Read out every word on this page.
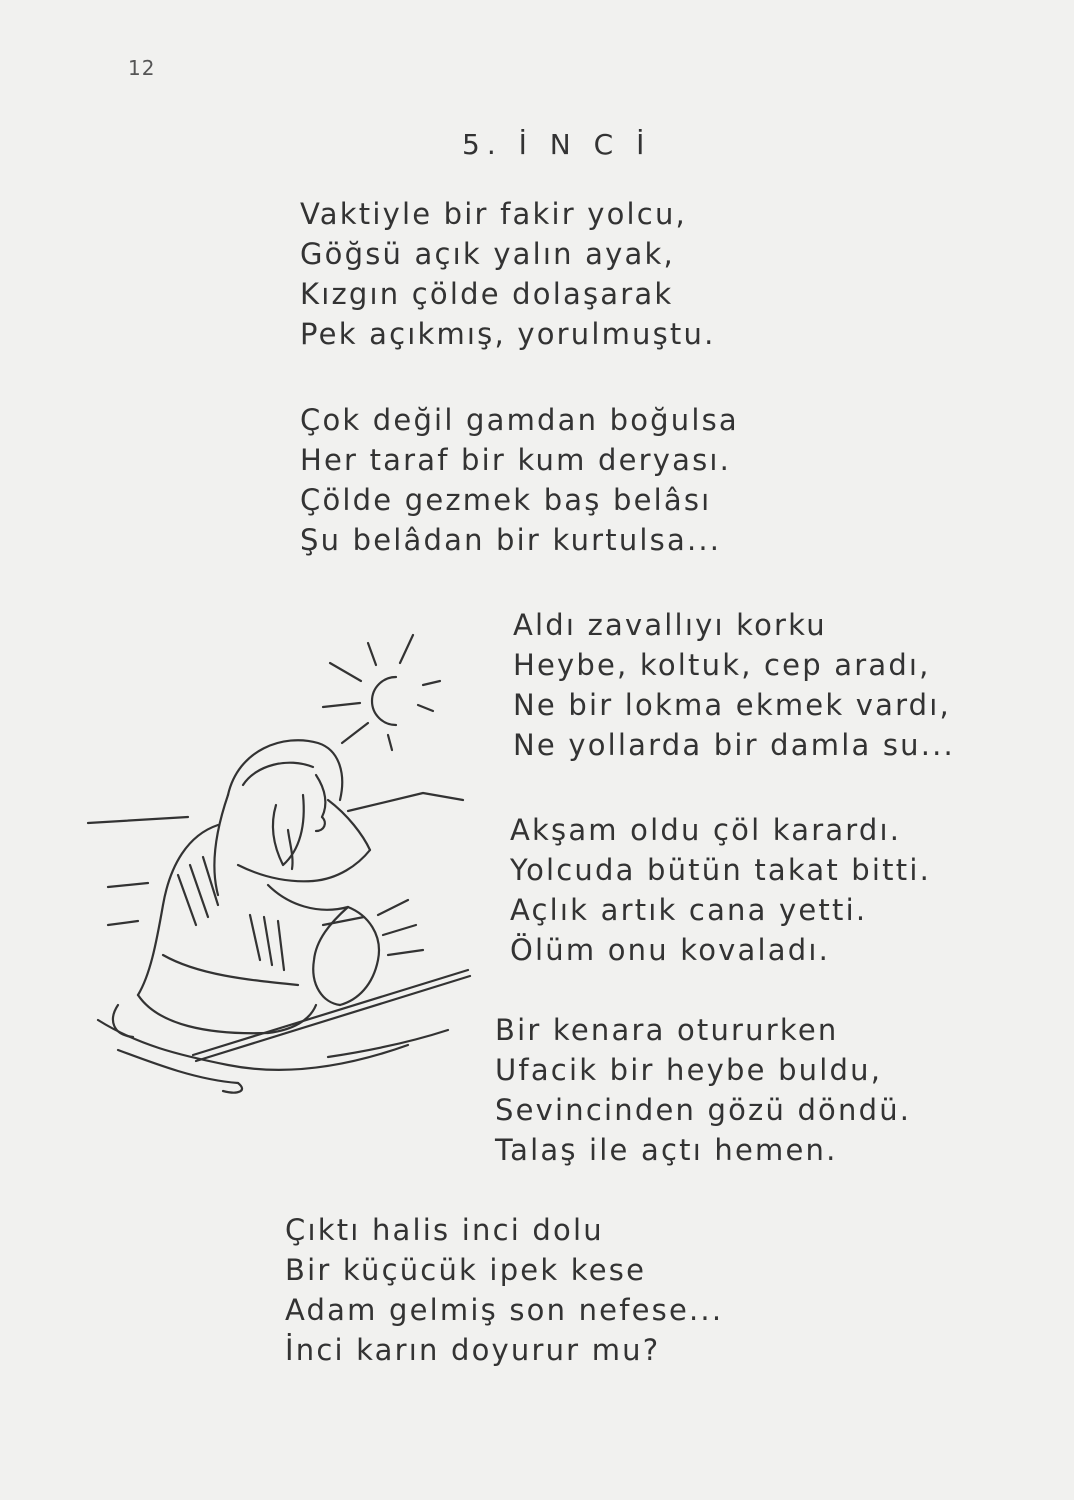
12
5. İ N C İ
Vaktiyle bir fakir yolcu,
Göğsü açık yalın ayak,
Kızgın çölde dolaşarak
Pek açıkmış, yorulmuştu.
Çok değil gamdan boğulsa
Her taraf bir kum deryası.
Çölde gezmek baş belâsı
Şu belâdan bir kurtulsa...
Aldı zavallıyı korku
Heybe, koltuk, cep aradı,
Ne bir lokma ekmek vardı,
Ne yollarda bir damla su...
Akşam oldu çöl karardı.
Yolcuda bütün takat bitti.
Açlık artık cana yetti.
Ölüm onu kovaladı.
Bir kenara otururken
Ufacik bir heybe buldu,
Sevincinden gözü döndü.
Talaş ile açtı hemen.
Çıktı halis inci dolu
Bir küçücük ipek kese
Adam gelmiş son nefese...
İnci karın doyurur mu?
